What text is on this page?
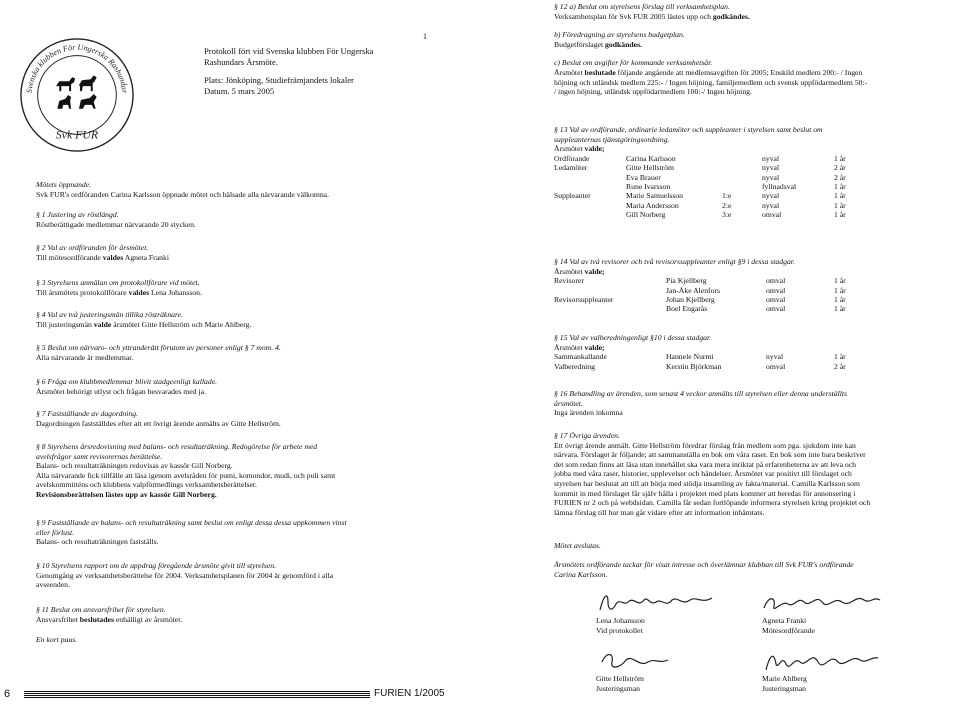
Svenska klubben För Ungerska Rashundar
Svk FUR
Protokoll fört vid Svenska klubben För Ungerska
Rashundars Årsmöte.
Plats: Jönköping, Studiefrämjandets lokaler
Datum. 5 mars 2005
1
Mötets öppnande.
Svk FUR's ordföranden Carina Karlsson öppnade mötet och hälsade alla närvarande välkomna.
§ 1 Justering av röstlängd.
Röstberättigade medlemmar närvarande 20 stycken.
§ 2 Val av ordföranden för årsmötet.
Till mötesordförande valdes Agneta Franki
§ 3 Styrelsens anmälan om protokollförare vid mötet.
Till årsmötets protokollförare valdes Lena Johansson.
§ 4 Val av två justeringsmän tillika rösträknare.
Till justeringsmän valde årsmötet Gitte Hellström och Marie Ahlberg.
§ 5 Beslut om närvaro- och yttranderätt förutom av personer enligt § 7 mom. 4.
Alla närvarande är medlemmar.
§ 6 Fråga om klubbmedlemmar blivit stadgeenligt kallade.
Årsmötet behörigt utlyst och frågan besvarades med ja.
§ 7 Fastställande av dagordning.
Dagordningen fastställdes efter att ett övrigt ärende anmälts av Gitte Hellström.
§ 8 Styrelsens årsredovisning med balans- och resultaträkning. Redogörelse för arbete med
avelsfrågor samt revisorernas berättelse.
Balans- och resultaträkningen redovisas av kassör Gill Norberg.
Alla närvarande fick tillfälle att läsa igenom avelsråden för pumi, komondor, mudi, och puli samt
avelskommitténs och klubbens valpförmedlings verksamhetsberättelser.
Revisionsberättelsen lästes upp av kassör Gill Norberg.
§ 9 Fastställande av balans- och resultaträkning samt beslut om enligt dessa dessa uppkommen vinst
eller förlust.
Balans- och resultaträkningen fastställs.
§ 10 Styrelsens rapport om de uppdrag föregående årsmöte givit till styrelsen.
Genomgång av verksamhetsberättelse för 2004. Verksamhetsplanen för 2004 är genomförd i alla
avseenden.
§ 11 Beslut om ansvarsfrihet för styrelsen.
Ansvarsfrihet beslutades enhälligt av årsmötet.
En kort paus.
6	FURIEN 1/2005
§ 12 a) Beslut om styrelsens förslag till verksamhetsplan.
Verksamhetsplan för Svk FUR 2005 lästes upp och godkändes.
b) Föredragning av styrelsens budgetplan.
Budgetförslaget godkändes.
c) Beslut om avgifter för kommande verksamhetsår.
Årsmötet beslutade följande angående att medlemsavgiften för 2005; Enskild medlem 200:- / Ingen
höjning och utländsk medlem 225:- / Ingen höjning, familjemedlem och svensk uppfödarmedlem 50:-
/ ingen höjning, utländsk uppfödarmedlem 100:-/ Ingen höjning.
§ 13 Val av ordförande, ordinarie ledamöter och suppleanter i styrelsen samt beslut om
suppleanternas tjänstgöringsordning.
Årsmötet valde;
Ordförande	Carina Karlsson		nyval	1 år
Ledamöter	Gitte Hellström		nyval	2 år
	Eva Brauer		nyval	2 år
	Rune Ivarsson		fyllnadsval	1 år
Suppleanter	Marie Samuelsson	1:e	nyval	1 år
	Maria Andersson	2:e	nyval	1 år
	Gill Norberg	3:e	omval	1 år
§ 14 Val av två revisorer och två revisorssuppleanter enligt §9 i dessa stadgar.
Årsmötet valde;
Revisorer	Pia Kjellberg	omval	1 år
	Jan-Åke Alenfors	omval	1 år
Revisorsuppleanter	Johan Kjellberg	omval	1 år
	Boel Engarås	omval	1 år
§ 15 Val av valberedningenligt §10 i dessa stadgar.
Årsmötet valde;
Sammankallande	Hannele Nurmi	nyval	1 år
Valberedning	Kerstin Björkman	omval	2 år
§ 16 Behandling av ärenden, som senast 4 veckor anmälts till styrelsen eller denna underställts
årsmötet.
Inga ärenden inkomna
§ 17 Övriga ärenden.
Ett övrigt ärende anmält. Gitte Hellström föredrar förslag från medlem som pga. sjukdom inte kan
närvara. Förslaget är följande; att sammanställa en bok om våra raser. En bok som inte bara beskriver
det som redan finns att läsa utan innehållet ska vara mera inriktat på erfarenheterna av att leva och
jobba med våra raser, historier, upplevelser och händelser. Årsmötet var positivt till förslaget och
styrelsen har beslutat att till att börja med stödja insamling av fakta/material. Camilla Karlsson som
kommit in med förslaget får själv hålla i projektet med plats kommer att beredas för annonsering i
FURIEN nr 2 och på webdsidan. Camilla får sedan fortlöpande informera styrelsen kring projektet och
lämna förslag till hur man går vidare efter att information inhämtats.
Mötet avslutas.
Årsmötets ordförande tackar för visat intresse och överlämnar klubban till Svk FUR's ordförande
Carina Karlsson.
Lena Johansson
Vid protokollet
Agneta Franki
Mötesordförande
Gitte Hellström
Justeringsman
Marie Ahlberg
Justeringsman
